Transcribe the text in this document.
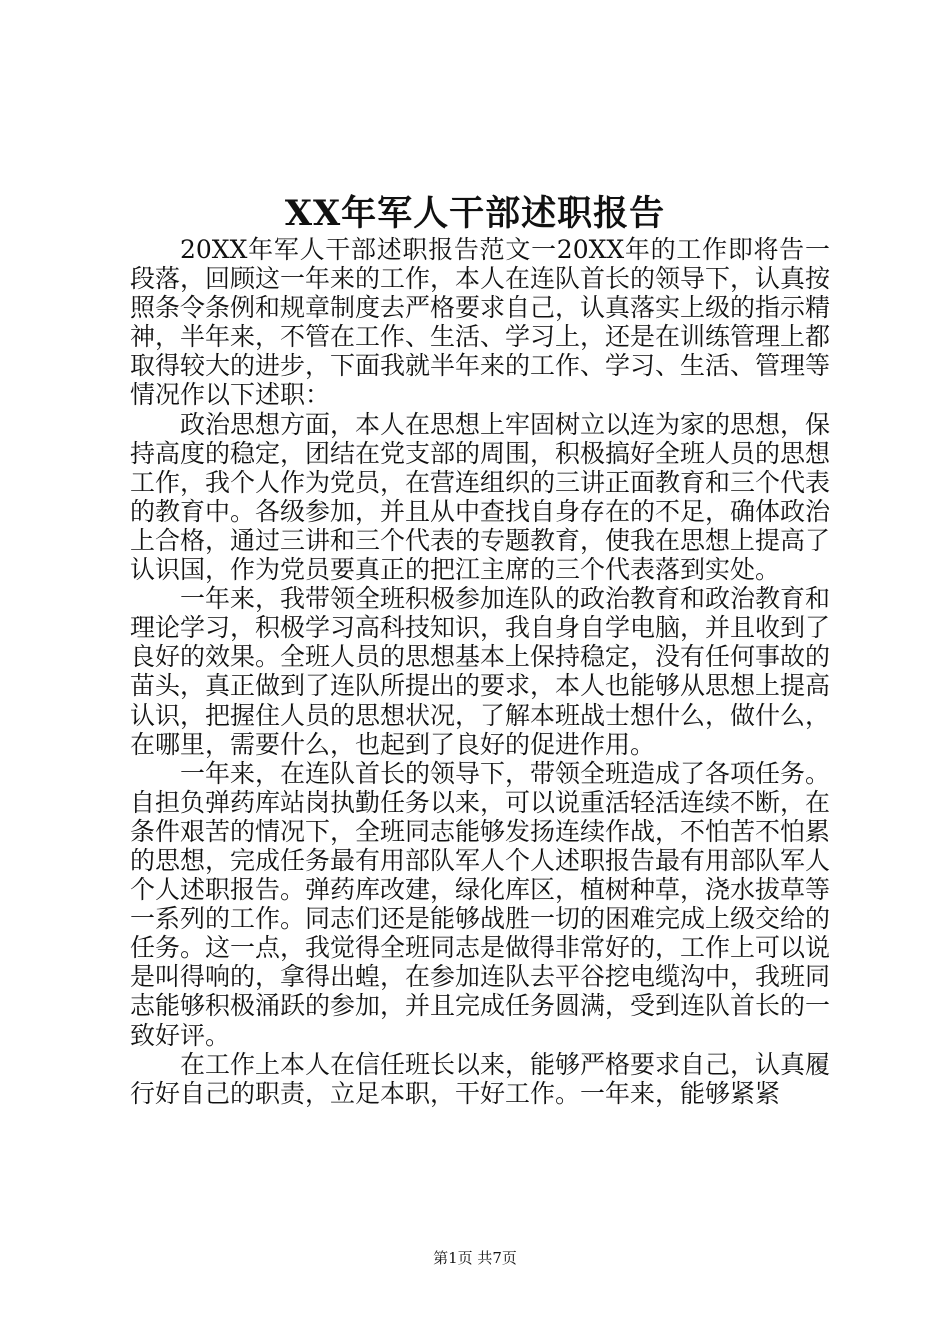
XX年军人干部述职报告

20XX年军人干部述职报告范文一20XX年的工作即将告一段落，回顾这一年来的工作，本人在连队首长的领导下，认真按照条令条例和规章制度去严格要求自己，认真落实上级的指示精神，半年来，不管在工作、生活、学习上，还是在训练管理上都取得较大的进步，下面我就半年来的工作、学习、生活、管理等情况作以下述职：

政治思想方面，本人在思想上牢固树立以连为家的思想，保持高度的稳定，团结在党支部的周围，积极搞好全班人员的思想工作，我个人作为党员，在营连组织的三讲正面教育和三个代表的教育中。各级参加，并且从中查找自身存在的不足，确体政治上合格，通过三讲和三个代表的专题教育，使我在思想上提高了认识国，作为党员要真正的把江主席的三个代表落到实处。

一年来，我带领全班积极参加连队的政治教育和政治教育和理论学习，积极学习高科技知识，我自身自学电脑，并且收到了良好的效果。全班人员的思想基本上保持稳定，没有任何事故的苗头，真正做到了连队所提出的要求，本人也能够从思想上提高认识，把握住人员的思想状况，了解本班战士想什么，做什么，在哪里，需要什么，也起到了良好的促进作用。

一年来，在连队首长的领导下，带领全班造成了各项任务。自担负弹药库站岗执勤任务以来，可以说重活轻活连续不断，在条件艰苦的情况下，全班同志能够发扬连续作战，不怕苦不怕累的思想，完成任务最有用部队军人个人述职报告最有用部队军人个人述职报告。弹药库改建，绿化库区，植树种草，浇水拔草等一系列的工作。同志们还是能够战胜一切的困难完成上级交给的任务。这一点，我觉得全班同志是做得非常好的，工作上可以说是叫得响的，拿得出蝗，在参加连队去平谷挖电缆沟中，我班同志能够积极涌跃的参加，并且完成任务圆满，受到连队首长的一致好评。

在工作上本人在信任班长以来，能够严格要求自己，认真履行好自己的职责，立足本职，干好工作。一年来，能够紧紧

第1页 共7页
